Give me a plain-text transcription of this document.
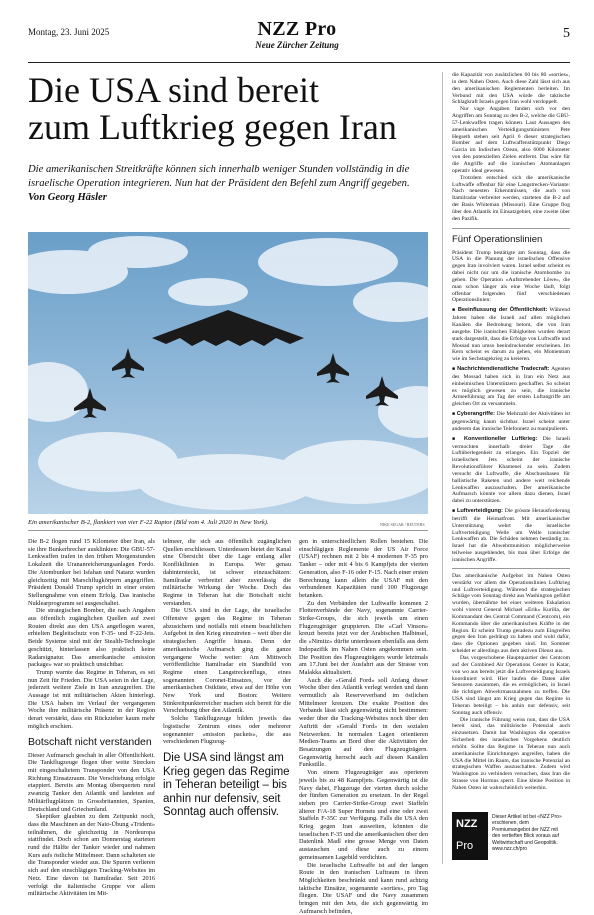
Montag, 23. Juni 2025	NZZ Pro
Neue Zürcher Zeitung
5
Die USA sind bereit
zum Luftkrieg gegen Iran
Die amerikanischen Streitkräfte können sich innerhalb weniger Stunden vollständig in die israelische Operation integrieren. Nun hat der Präsident den Befehl zum Angriff gegeben. Von Georg Häsler
Ein amerikanischer B-2, flankiert von vier F-22 Raptor (Bild vom 4. Juli 2020 in New York).	NIKE SEGAR / REUTERS

Die B-2 flogen rund 15 Kilometer über Iran, als sie ihre Bunkerbrecher ausklinkten: Die GBU-57-Lenkwaffen trafen in den frühen Morgenstunden Lokalzeit die Urananreicherungsanlagen Fordo. Die Atombunker bei Isfahan und Natanz wurden gleichzeitig mit Marschflugkörpern angegriffen. Präsident Donald Trump spricht in einer ersten Stellungnahme von einem Erfolg. Das iranische Nuklearprogramm sei ausgeschaltet.

Die strategischen Bomber, die nach Angaben aus öffentlich zugänglichen Quellen auf zwei Routen direkt aus den USA angeflogen waren, erhielten Begleitschutz von F-35- und F-22-Jets. Beide Systeme sind mit der Stealth-Technologie geschützt, hinterlassen also praktisch keine Radarsignatur. Das amerikanische «mission package» war so praktisch unsichtbar.

Trump warnte das Regime in Teheran, es sei nun Zeit für Frieden. Die USA seien in der Lage, jederzeit weitere Ziele in Iran anzugreifen. Die Aussage ist mit militärischen Akten hinterlegt. Die USA haben im Verlauf der vergangenen Woche ihre militärische Präsenz in der Region derart verstärkt, dass ein Rückzieher kaum mehr möglich erschien.

Botschaft nicht verstanden

Dieser Aufmarsch geschah in aller Öffentlichkeit. Die Tankflugzeuge flogen über weite Strecken mit eingeschaltetem Transponder von den USA Richtung Einsatzraum. Die Verschiebung erfolgte etappiert. Bereits am Montag überquerten rund zwanzig Tanker den Atlantik und landeten auf Militärflugplätzen in Grossbritannien, Spanien, Deutschland und Griechenland.

Skeptiker glaubten zu dem Zeitpunkt noch, dass die Maschinen an der Nato-Übung «Trident» teilnähmen, die gleichzeitig in Nordeuropa stattfindet. Doch schon am Donnerstag starteten rund die Hälfte der Tanker wieder und nahmen Kurs aufs östliche Mittelmeer. Dann schalteten sie die Transponder wieder aus. Die Spuren verlieren sich auf den einschlägigen Tracking-Websites im Netz. Eine davon ist Itamilradar. Seit 2016 verfolgt die italienische Gruppe vor allem militärische Aktivitäten im Mit-

telmeer, die sich aus öffentlich zugänglichen Quellen erschliessen. Unterdessen bietet der Kanal eine Übersicht über die Lage entlang aller Konfliktlinien in Europa. Wer genau dahintersteckt, ist schwer einzuschätzen: Itamilradar verbreitet aber zuverlässig die militärische Wirkung der Woche. Doch das Regime in Teheran hat die Botschaft nicht verstanden.

Die USA sind in der Lage, die israelische Offensive gegen das Regime in Teheran abzusichern und notfalls mit einem beachtlichen Aufgebot in den Krieg einzutreten – weit über die strategischen Angriffe hinaus. Denn der amerikanische Aufmarsch ging die ganze vergangene Woche weiter: Am Mittwoch veröffentlichte Itamilradar ein Standbild von Regime einen Langstreckenflugs, eines sogenannten Coronet-Einsatzes, vor der amerikanischen Ostküste, etwa auf der Höhe von New York und Boston: Weitere Stinkreitpunkterreicher machen sich bereit für die Verschiebung über den Atlantik.

Solche Tankflugzeuge bilden jeweils das logistische Zentrum eines oder mehrerer sogenannter «mission packets», die aus verschiedenen Flugzeug-

Die USA sind längst am Krieg gegen das Regime in Teheran beteiligt – bis anhin nur defensiv, seit Sonntag auch offensiv.

gen in unterschiedlichen Rollen bestehen. Die einschlägigen Reglemente der US Air Force (USAF) rechnen mit 2 bis 4 modernen F-35 pro Tanker – oder mit 4 bis 6 Kampfjets der vierten Generation, also F-16 oder F-15. Nach einer ersten Berechnung kann allein die USAF mit den verbundenen Kapazitäten rund 100 Flugzeuge betanken.

Zu den Verbänden der Luftwaffe kommen 2 Flottenverbände der Navy, sogenannte Carrier-Strike-Groups, die sich jeweils um einen Flugzeugträger gruppieren. Die «Carl Vinson» kreuzt bereits jetzt vor der Arabischen Halbinsel, die «Nimitz» dürfte unterdessen ebenfalls aus dem Indopazifik im Nahen Osten angekommen sein. Die Position des Flugzeugträgers wurde letztmals am 17.Juni bei der Ausfahrt aus der Strasse von Malakka aktualisiert.

Auch die «Gerald Ford» soll Anfang dieser Woche über den Atlantik verlegt werden und dann vermutlich als Reserveverband im östlichen Mittelmeer kreuzen. Die exakte Position des Verbands lässt sich gegenwärtig nicht bestimmen: weder über die Tracking-Websites noch über den Auftritt der «Gerald Ford» in den sozialen Netzwerken. In normalen Lagen orientieren Medien-Teams an Bord über die Aktivitäten der Besatzungen auf den Flugzeugträgern. Gegenwärtig herrscht auch auf diesen Kanälen Funkstille.

Von einem Flugzeugträger aus operieren jeweils bis zu 48 Kampfjets. Gegenwärtig ist die Navy dabei, Flugzeuge der vierten durch solche der fünften Generation zu ersetzen. In der Regel stehen pro Carrier-Strike-Group zwei Staffeln älterer F/A-18 Super Hornets und eine oder zwei Staffeln F-35C zur Verfügung. Falls die USA den Krieg gegen Iran ausweiten, könnten die israelischen F-35 und die amerikanischen über den Datenlink Madl eine grosse Menge von Daten austauschen und diese auch zu einem gemeinsamen Lagebild verdichten.

Die israelische Luftwaffe ist auf der langen Route in den iranischen Luftraum in ihren Möglichkeiten beschränkt und kann rund achtzig taktische Einsätze, sogenannte «sorties», pro Tag fliegen. Die USAF und die Navy zusammen bringen mit den Jets, die sich gegenwärtig im Aufmarsch befinden,

die Kapazität von zusätzlichen 60 bis 80 «sorties», in dem Nahen Osten. Auch diese Zahl lässt sich aus den amerikanischen Reglementen herleiten. Im Verbund mit den USA würde die taktische Schlagkraft Israels gegen Iran wohl verdoppelt.

Nur vage Angaben fanden sich vor den Angriffen am Sonntag zu den B-2, welche die GBU-57-Lenkwaffen tragen können. Laut Aussagen des amerikanischen Verteidigungsministers Pete Hegseth stehen seit April 6 dieser strategischen Bomber auf dem Luftwaffenstützpunkt Diego Garcia im Indischen Ozean, also 6000 Kilometer von den potenziellen Zielen entfernt. Das wäre für die Angriffe auf die iranischen Atomanlagen operativ ideal gewesen.

Trotzdem entschied sich die amerikanische Luftwaffe offenbar für eine Langstrecken-Variante: Nach neuesten Erkenntnissen, die auch von Itamilradar verbreitet werden, starteten die B-2 auf der Basis Whiteman (Missouri). Eine Gruppe flog über den Atlantik im Einsatzgebiet, eine zweite über den Pazifik.

Fünf Operationslinien

Präsident Trump bestätigte am Sonntag, dass die USA in die Planung der israelischen Offensive gegen Iran involviert waren. Israel selbst scheint es dabei nicht nur um die iranische Atombombe zu gehen. Die Operation «Aufstrebender Löwe», die man schon länger als eine Woche läuft, folgt offenbar folgenden fünf verschiedenen Operationslinien:

■ Beeinflussung der Öffentlichkeit: Während Jahren haben die Israeli auf allen möglichen Kanälen die Bedrohung betont, die von Iran ausgehe. Die iranischen Fähigkeiten wurden derart stark dargestellt, dass die Erfolge von Luftwaffe und Mossad nun umso beeindruckender erscheinen. Im Kern scheint es darum zu gehen, ein Momentum wie im Sechstagekrieg zu kreieren.

■ Nachrichtendienstliche Tradecraft: Agenten des Mossad haben sich in Iran ein Netz aus einheimischen Unterstützern geschaffen. So scheint es möglich gewesen zu sein, die iranische Armeeführung am Tag der ersten Luftangriffe am gleichen Ort zu versammeln.

■ Cyberangriffe: Die Mehrzahl der Aktivitäten ist gegenwärtig kaum sichtbar. Israel scheint unter anderem das iranische Telefonnetz zu manipulieren.

■ Konventioneller Luftkrieg: Die Israeli vermochten innerhalb dreier Tage die Luftüberlegenheit zu erlangen. Ein Topziel der israelischen Jets scheint der iranische Revolutionsführer Khamenei zu sein. Zudem versucht die Luftwaffe, die Abschussbasen für ballistische Raketen und andere weit reichende Lenkwaffen auszuschalten. Der amerikanische Aufmarsch könnte vor allem dazu dienen, Israel dabei zu unterstützen.

■ Luftverteidigung: Die grösste Herausforderung betrifft die Heimatfront. Mit amerikanischer Unterstützung wehrt die israelische Luftverteidigung Welle um Welle iranischer Lenkwaffen ab. Die Schäden nehmen beständig zu. Israel hat die Abwehrmunition möglicherweise teilweise ausgeblendet, bis man über Erfolge der iranischen Angriffe.

Das amerikanische Aufgebot im Nahen Osten verstärkt vor allem die Operationslinien Luftkrieg und Luftverteidigung. Während die strategischen Schläge vom Sonntag direkt aus Washington geführt wurden, übernähme bei einer weiteren Eskalation wohl vorerst General Michael «Erik» Kurilla, der Kommandant des Central Command (Centcom), ein Kommando über die amerikanischen Kräfte in der Region. Er scheint Trump geradezu zum Eingreifen gegen den Iran gedrängt zu haben und wohl dafür, dass die Optionen gegeben sind. Im Sommer scheidet er allerdings aus dem aktiven Dienst aus.

Das vorgeschobene Hauptquartier des Centcom auf der Combined Air Operations Center in Katar, von wo aus bereits jetzt die Luftverteidigung Israels koordiniert wird. Hier laufen die Daten aller Sensoren zusammen, die es ermöglichen, in Israel die richtigen Abwehrmassnahmen zu treffen. Die USA sind längst am Krieg gegen das Regime in Teheran beteiligt – bis anhin nur defensiv, seit Sonntag auch offensiv.

Die iranische Führung weiss nun, dass die USA bereit sind, das militärische Potenzial auch einzusetzen. Damit hat Washington die operative Sicherheit des israelischen Vorgehens deutlich erhöht. Sollte das Regime in Teheran nun auch amerikanische Einrichtungen angreifen, haben die USA die Mittel im Raum, das iranische Potenzial an strategischen Waffen auszuschalten. Zudem wird Washington zu verhindern versuchen, dass Iran die Strasse von Hormus sperrt. Eine kleine Position in Nahen Osten ist wahrscheinlich weiterhin.

NZZ
Pro
Dieser Artikel ist bei «NZZ Pro» erschienen, dem Premiumangebot der NZZ mit den vertieften Blick voraus auf Weltwirtschaft und Geopolitik.
www.nzz.ch/pro
